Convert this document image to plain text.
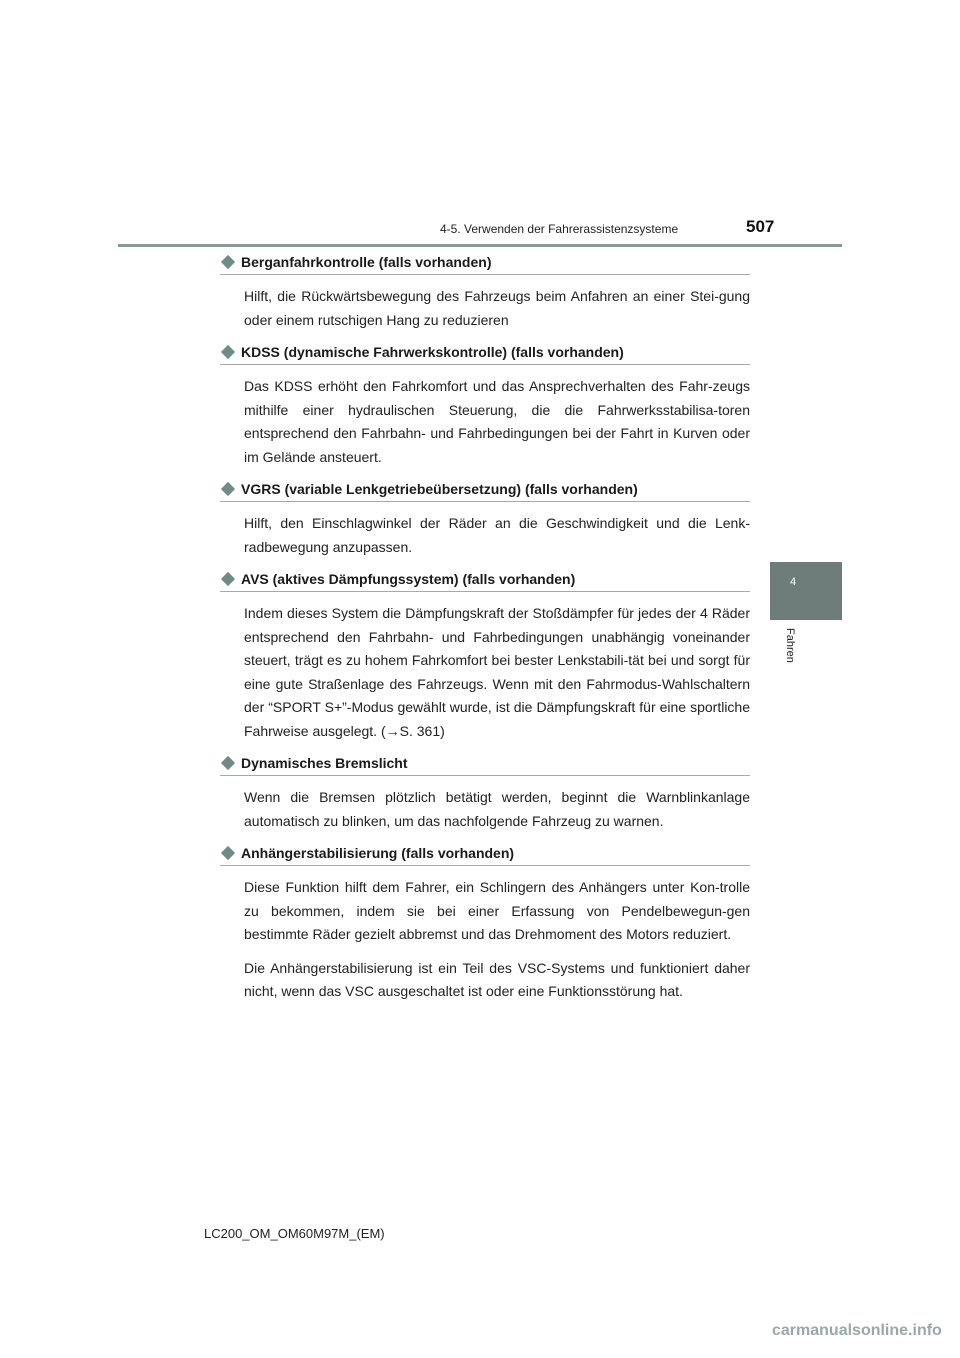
4-5. Verwenden der Fahrerassistenzsysteme	507
4
Fahren
Berganfahrkontrolle (falls vorhanden)

Hilft, die Rückwärtsbewegung des Fahrzeugs beim Anfahren an einer Stei-gung oder einem rutschigen Hang zu reduzieren

KDSS (dynamische Fahrwerkskontrolle) (falls vorhanden)

Das KDSS erhöht den Fahrkomfort und das Ansprechverhalten des Fahr-zeugs mithilfe einer hydraulischen Steuerung, die die Fahrwerksstabilisa-toren entsprechend den Fahrbahn- und Fahrbedingungen bei der Fahrt in Kurven oder im Gelände ansteuert.

VGRS (variable Lenkgetriebeübersetzung) (falls vorhanden)

Hilft, den Einschlagwinkel der Räder an die Geschwindigkeit und die Lenk-radbewegung anzupassen.

AVS (aktives Dämpfungssystem) (falls vorhanden)

Indem dieses System die Dämpfungskraft der Stoßdämpfer für jedes der 4 Räder entsprechend den Fahrbahn- und Fahrbedingungen unabhängig voneinander steuert, trägt es zu hohem Fahrkomfort bei bester Lenkstabili-tät bei und sorgt für eine gute Straßenlage des Fahrzeugs. Wenn mit den Fahrmodus-Wahlschaltern der “SPORT S+”-Modus gewählt wurde, ist die Dämpfungskraft für eine sportliche Fahrweise ausgelegt. (→S. 361)

Dynamisches Bremslicht

Wenn die Bremsen plötzlich betätigt werden, beginnt die Warnblinkanlage automatisch zu blinken, um das nachfolgende Fahrzeug zu warnen.

Anhängerstabilisierung (falls vorhanden)

Diese Funktion hilft dem Fahrer, ein Schlingern des Anhängers unter Kon-trolle zu bekommen, indem sie bei einer Erfassung von Pendelbewegun-gen bestimmte Räder gezielt abbremst und das Drehmoment des Motors reduziert.

Die Anhängerstabilisierung ist ein Teil des VSC-Systems und funktioniert daher nicht, wenn das VSC ausgeschaltet ist oder eine Funktionsstörung hat.

LC200_OM_OM60M97M_(EM)
carmanualsonline.info
